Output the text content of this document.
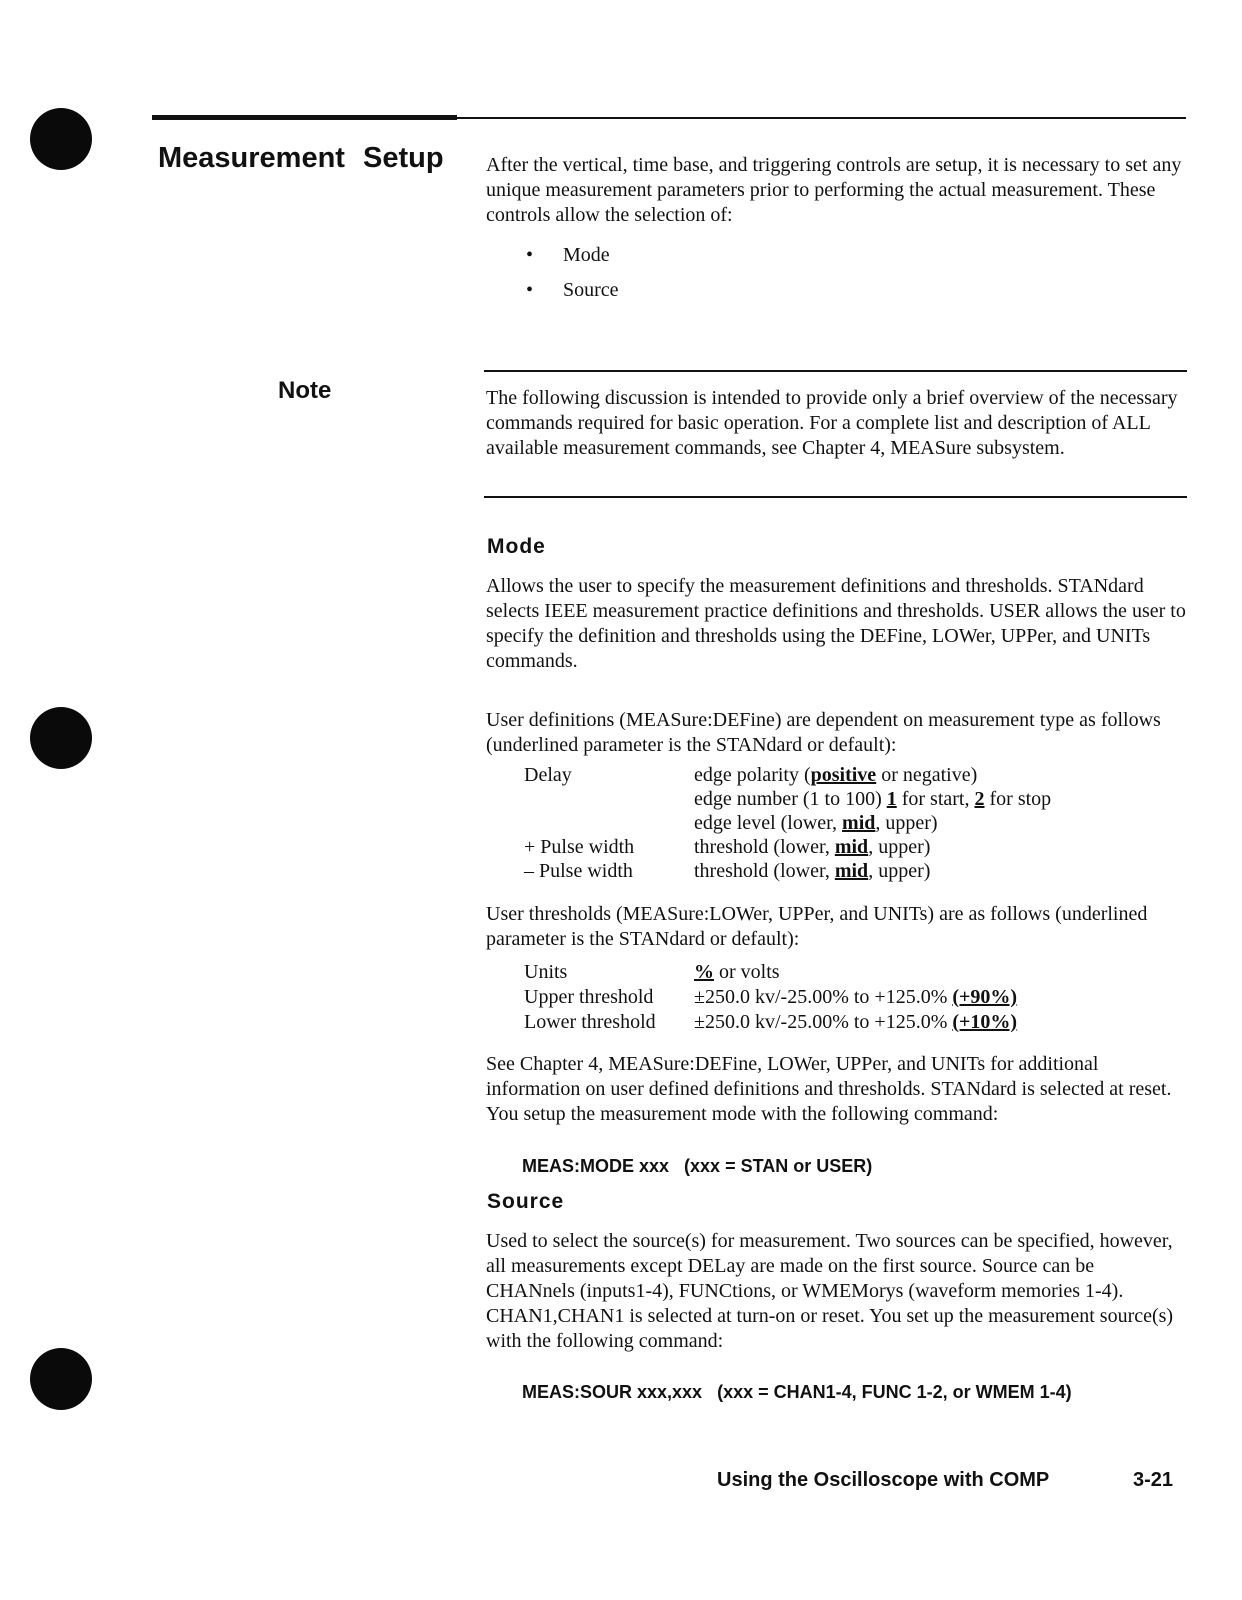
Measurement Setup After the vertical, time base, and triggering controls are setup, it is necessary to set any unique measurement parameters prior to performing the actual measurement. These controls allow the selection of:

• Mode
• Source
Note	The following discussion is intended to provide only a brief overview of the necessary commands required for basic operation. For a complete list and description of ALL available measurement commands, see Chapter 4, MEASure subsystem.

Mode

Allows the user to specify the measurement definitions and thresholds. STANdard selects IEEE measurement practice definitions and thresholds. USER allows the user to specify the definition and thresholds using the DEFine, LOWer, UPPer, and UNITs commands.

User definitions (MEASure:DEFine) are dependent on measurement type as follows (underlined parameter is the STANdard or default):

Delay	edge polarity (positive or negative)
edge number (1 to 100) 1 for start, 2 for stop
edge level (lower, mid, upper)
+ Pulse width	threshold (lower, mid, upper)
– Pulse width	threshold (lower, mid, upper)

User thresholds (MEASure:LOWer, UPPer, and UNITs) are as follows (underlined parameter is the STANdard or default):

Units	% or volts
Upper threshold ±250.0 kv/-25.00% to +125.0% (+90%)
Lower threshold ±250.0 kv/-25.00% to +125.0% (+10%)

See Chapter 4, MEASure:DEFine, LOWer, UPPer, and UNITs for additional information on user defined definitions and thresholds. STANdard is selected at reset. You setup the measurement mode with the following command:

MEAS:MODE xxx   (xxx = STAN or USER)
Source

Used to select the source(s) for measurement. Two sources can be specified, however, all measurements except DELay are made on the first source. Source can be CHANnels (inputs1-4), FUNCtions, or WMEMorys (waveform memories 1-4). CHAN1,CHAN1 is selected at turn-on or reset. You set up the measurement source(s) with the following command:

MEAS:SOUR xxx,xxx   (xxx = CHAN1-4, FUNC 1-2, or WMEM 1-4)
Using the Oscilloscope with COMP	3-21
